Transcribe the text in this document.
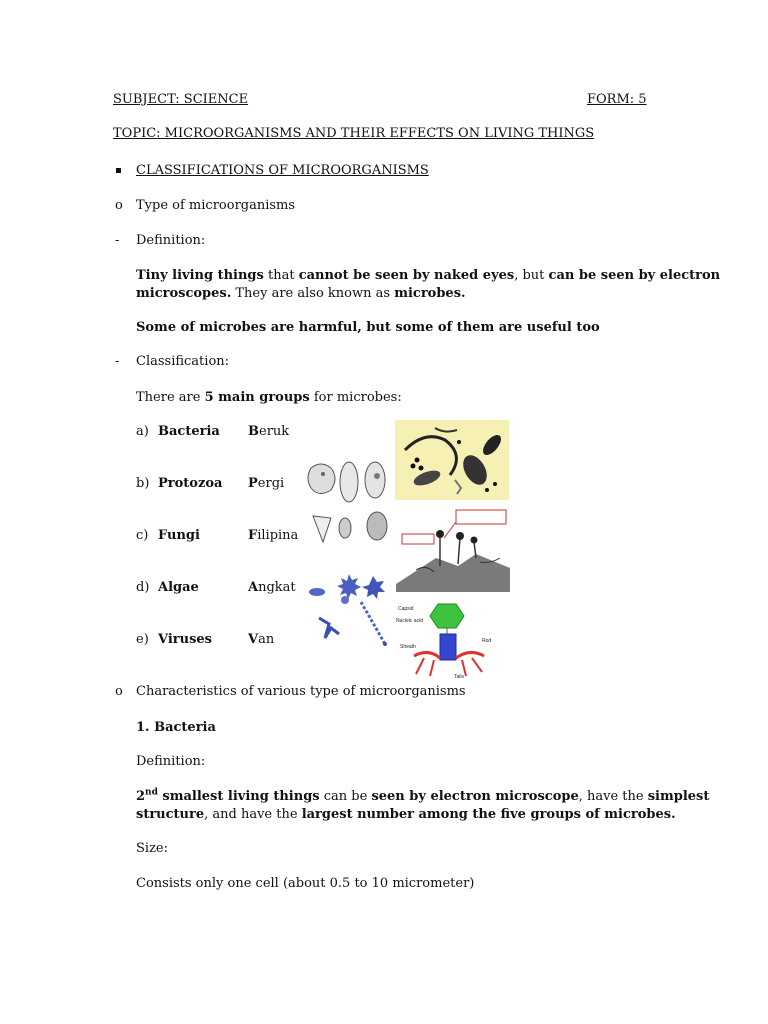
SUBJECT: SCIENCE	FORM: 5
TOPIC: MICROORGANISMS AND THEIR EFFECTS ON LIVING THINGS
CLASSIFICATIONS OF MICROORGANISMS
o	Type of microorganisms
-	Definition:
Tiny living things that cannot be seen by naked eyes, but can be seen by electron
microscopes. They are also known as microbes.
Some of microbes are harmful, but some of them are useful too
-	Classification:
There are 5 main groups for microbes:
a) Bacteria Beruk
b) Protozoa Pergi
c) Fungi	Filipina
d) Algae	Angkat
e) Viruses	Van
Capsid
Nucleic acid
Rod
Sheath
Tails
o	Characteristics of various type of microorganisms
1. Bacteria
Definition:
2nd smallest living things can be seen by electron microscope, have the simplest
structure, and have the largest number among the five groups of microbes.
Size:
Consists only one cell (about 0.5 to 10 micrometer)
